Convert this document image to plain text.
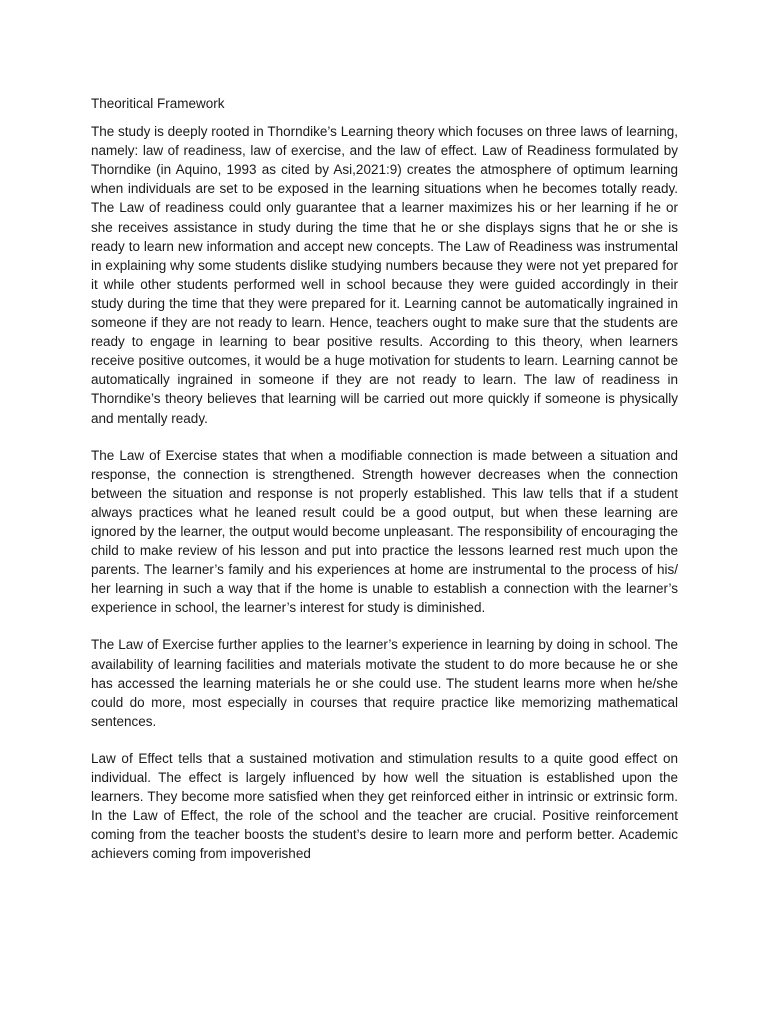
Theoritical Framework

The study is deeply rooted in Thorndike’s Learning theory which focuses on three laws of learning, namely: law of readiness, law of exercise, and the law of effect. Law of Readiness formulated by Thorndike (in Aquino, 1993 as cited by Asi,2021:9) creates the atmosphere of optimum learning when individuals are set to be exposed in the learning situations when he becomes totally ready. The Law of readiness could only guarantee that a learner maximizes his or her learning if he or she receives assistance in study during the time that he or she displays signs that he or she is ready to learn new information and accept new concepts. The Law of Readiness was instrumental in explaining why some students dislike studying numbers because they were not yet prepared for it while other students performed well in school because they were guided accordingly in their study during the time that they were prepared for it. Learning cannot be automatically ingrained in someone if they are not ready to learn. Hence, teachers ought to make sure that the students are ready to engage in learning to bear positive results. According to this theory, when learners receive positive outcomes, it would be a huge motivation for students to learn. Learning cannot be automatically ingrained in someone if they are not ready to learn. The law of readiness in Thorndike’s theory believes that learning will be carried out more quickly if someone is physically and mentally ready.

The Law of Exercise states that when a modifiable connection is made between a situation and response, the connection is strengthened. Strength however decreases when the connection between the situation and response is not properly established. This law tells that if a student always practices what he leaned result could be a good output, but when these learning are ignored by the learner, the output would become unpleasant. The responsibility of encouraging the child to make review of his lesson and put into practice the lessons learned rest much upon the parents. The learner’s family and his experiences at home are instrumental to the process of his/ her learning in such a way that if the home is unable to establish a connection with the learner’s experience in school, the learner’s interest for study is diminished.

The Law of Exercise further applies to the learner’s experience in learning by doing in school. The availability of learning facilities and materials motivate the student to do more because he or she has accessed the learning materials he or she could use. The student learns more when he/she could do more, most especially in courses that require practice like memorizing mathematical sentences.

Law of Effect tells that a sustained motivation and stimulation results to a quite good effect on individual. The effect is largely influenced by how well the situation is established upon the learners. They become more satisfied when they get reinforced either in intrinsic or extrinsic form. In the Law of Effect, the role of the school and the teacher are crucial. Positive reinforcement coming from the teacher boosts the student’s desire to learn more and perform better. Academic achievers coming from impoverished
